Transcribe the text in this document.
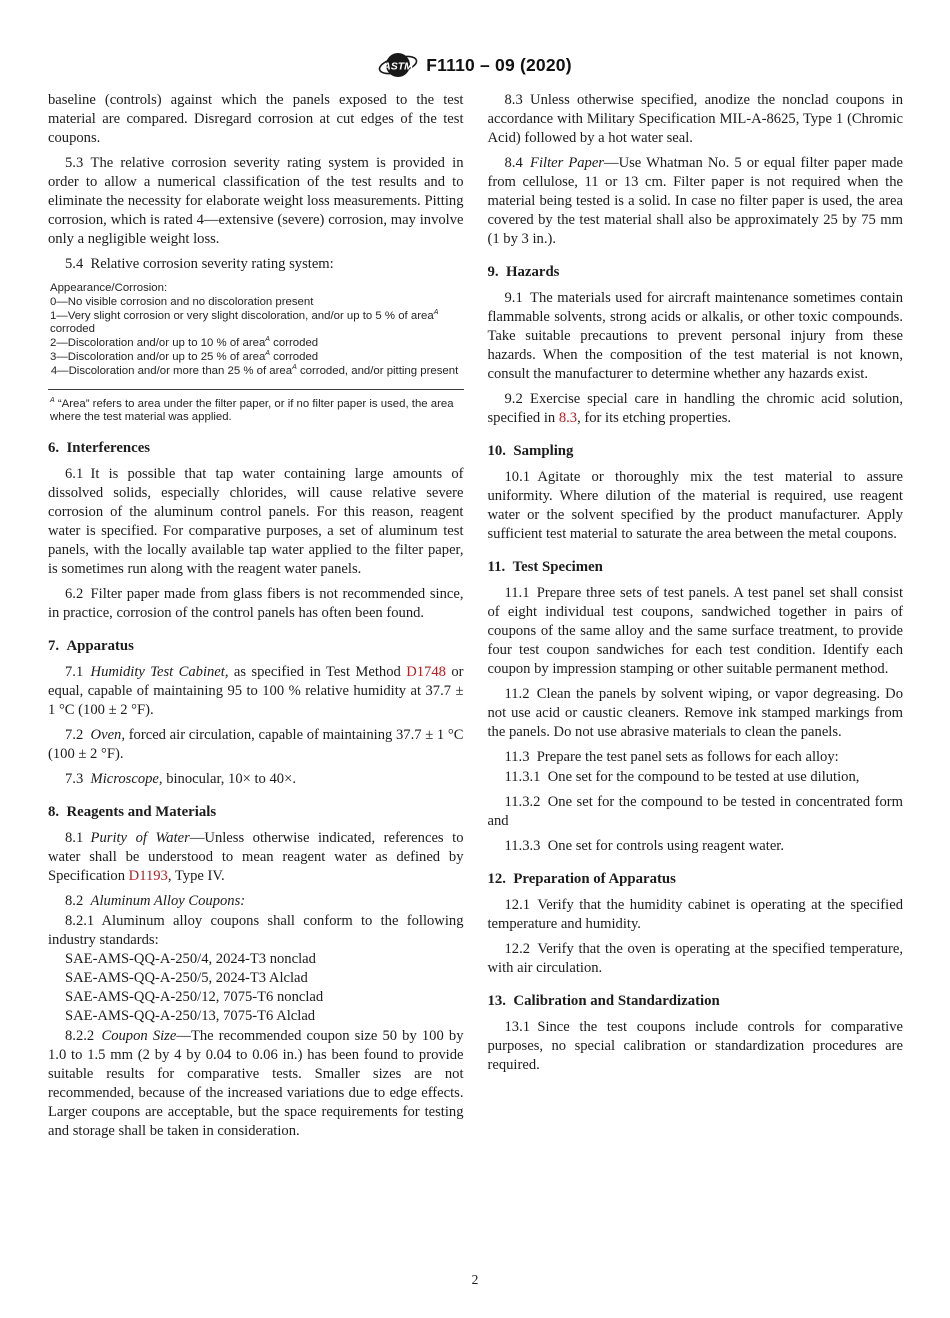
ASTM F1110 – 09 (2020)

baseline (controls) against which the panels exposed to the test material are compared. Disregard corrosion at cut edges of the test coupons.

5.3 The relative corrosion severity rating system is provided in order to allow a numerical classification of the test results and to eliminate the necessity for elaborate weight loss measurements. Pitting corrosion, which is rated 4—extensive (severe) corrosion, may involve only a negligible weight loss.

5.4 Relative corrosion severity rating system:

Appearance/Corrosion:
0—No visible corrosion and no discoloration present
1—Very slight corrosion or very slight discoloration, and/or up to 5 % of area$^A$ corroded
2—Discoloration and/or up to 10 % of area$^A$ corroded
3—Discoloration and/or up to 25 % of area$^A$ corroded
4—Discoloration and/or more than 25 % of area$^A$ corroded, and/or pitting present
$^A$ “Area” refers to area under the filter paper, or if no filter paper is used, the area where the test material was applied.
6. Interferences

6.1 It is possible that tap water containing large amounts of dissolved solids, especially chlorides, will cause relative severe corrosion of the aluminum control panels. For this reason, reagent water is specified. For comparative purposes, a set of aluminum test panels, with the locally available tap water applied to the filter paper, is sometimes run along with the reagent water panels.

6.2 Filter paper made from glass fibers is not recommended since, in practice, corrosion of the control panels has often been found.

7. Apparatus

7.1 Humidity Test Cabinet, as specified in Test Method D1748 or equal, capable of maintaining 95 to 100 % relative humidity at 37.7 ± 1 °C (100 ± 2 °F).

7.2 Oven, forced air circulation, capable of maintaining 37.7 ± 1 °C (100 ± 2 °F).

7.3 Microscope, binocular, 10× to 40×.

8. Reagents and Materials

8.1 Purity of Water—Unless otherwise indicated, references to water shall be understood to mean reagent water as defined by Specification D1193, Type IV.

8.2 Aluminum Alloy Coupons:

8.2.1 Aluminum alloy coupons shall conform to the following industry standards:

SAE-AMS-QQ-A-250/4, 2024-T3 nonclad
SAE-AMS-QQ-A-250/5, 2024-T3 Alclad
SAE-AMS-QQ-A-250/12, 7075-T6 nonclad
SAE-AMS-QQ-A-250/13, 7075-T6 Alclad

8.2.2 Coupon Size—The recommended coupon size 50 by 100 by 1.0 to 1.5 mm (2 by 4 by 0.04 to 0.06 in.) has been found to provide suitable results for comparative tests. Smaller sizes are not recommended, because of the increased variations due to edge effects. Larger coupons are acceptable, but the space requirements for testing and storage shall be taken in consideration.

8.3 Unless otherwise specified, anodize the nonclad coupons in accordance with Military Specification MIL-A-8625, Type 1 (Chromic Acid) followed by a hot water seal.

8.4 Filter Paper—Use Whatman No. 5 or equal filter paper made from cellulose, 11 or 13 cm. Filter paper is not required when the material being tested is a solid. In case no filter paper is used, the area covered by the test material shall also be approximately 25 by 75 mm (1 by 3 in.).

9. Hazards

9.1 The materials used for aircraft maintenance sometimes contain flammable solvents, strong acids or alkalis, or other toxic compounds. Take suitable precautions to prevent personal injury from these hazards. When the composition of the test material is not known, consult the manufacturer to determine whether any hazards exist.

9.2 Exercise special care in handling the chromic acid solution, specified in 8.3, for its etching properties.

10. Sampling

10.1 Agitate or thoroughly mix the test material to assure uniformity. Where dilution of the material is required, use reagent water or the solvent specified by the product manufacturer. Apply sufficient test material to saturate the area between the metal coupons.

11. Test Specimen

11.1 Prepare three sets of test panels. A test panel set shall consist of eight individual test coupons, sandwiched together in pairs of coupons of the same alloy and the same surface treatment, to provide four test coupon sandwiches for each test condition. Identify each coupon by impression stamping or other suitable permanent method.

11.2 Clean the panels by solvent wiping, or vapor degreasing. Do not use acid or caustic cleaners. Remove ink stamped markings from the panels. Do not use abrasive materials to clean the panels.

11.3 Prepare the test panel sets as follows for each alloy:

11.3.1 One set for the compound to be tested at use dilution,

11.3.2 One set for the compound to be tested in concentrated form and

11.3.3 One set for controls using reagent water.

12. Preparation of Apparatus

12.1 Verify that the humidity cabinet is operating at the specified temperature and humidity.

12.2 Verify that the oven is operating at the specified temperature, with air circulation.

13. Calibration and Standardization

13.1 Since the test coupons include controls for comparative purposes, no special calibration or standardization procedures are required.

2
